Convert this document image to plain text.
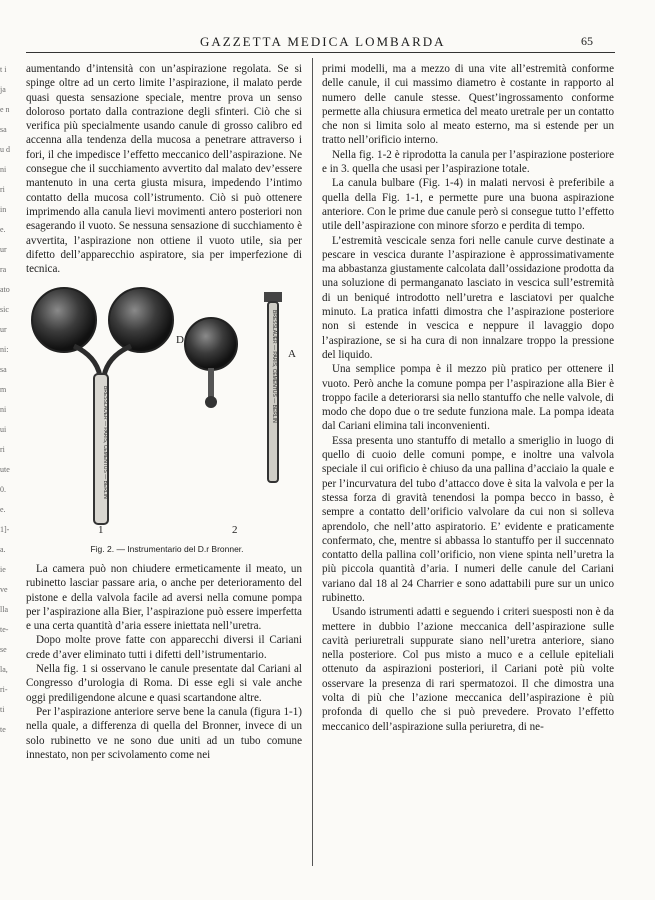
t i ja e n sa u d ni ri in e. ur ra ato sic ur ni: sa m ni ui ri ute 0. e. 1]- a. ie ve lla te- se la, ri- ti te
GAZZETTA MEDICA LOMBARDA	65

aumentando d’intensità con un’aspirazione regolata. Se si spinge oltre ad un certo limite l’aspirazione, il malato perde quasi questa sensazione speciale, mentre prova un senso doloroso portato dalla contrazione degli sfinteri. Ciò che si verifica più specialmente usando canule di grosso calibro ed accenna alla tendenza della mucosa a penetrare attraverso i fori, il che impedisce l’effetto meccanico dell’aspirazione. Ne consegue che il succhiamento avvertito dal malato dev’essere mantenuto in una certa giusta misura, impedendo l’intimo contatto della mucosa coll’istrumento. Ciò si può ottenere imprimendo alla canula lievi movimenti antero posteriori non esagerando il vuoto. Se nessuna sensazione di succhiamento è avvertita, l’aspirazione non ottiene il vuoto utile, sia per difetto dell’apparecchio aspiratore, sia per imperfezione di tecnica.

BRESSLAUER — PARIS, CEMENTUS — BERLIN
BRESSLAUER — PARIS, CEMENTUS — BERLIN
D
A
1	2
Fig. 2. — Instrumentario del D.r Bronner.

La camera può non chiudere ermeticamente il meato, un rubinetto lasciar passare aria, o anche per deterioramento del pistone e della valvola facile ad aversi nella comune pompa per l’aspirazione alla Bier, l’aspirazione può essere imperfetta e una certa quantità d’aria essere iniettata nell’uretra.

Dopo molte prove fatte con apparecchi diversi il Cariani crede d’aver eliminato tutti i difetti dell’istrumentario.

Nella fig. 1 si osservano le canule presentate dal Cariani al Congresso d’urologia di Roma. Di esse egli si vale anche oggi prediligendone alcune e quasi scartandone altre.

Per l’aspirazione anteriore serve bene la canula (figura 1-1) nella quale, a differenza di quella del Bronner, invece di un solo rubinetto ve ne sono due uniti ad un tubo comune innestato, non per scivolamento come nei

primi modelli, ma a mezzo di una vite all’estremità conforme delle canule, il cui massimo diametro è costante in rapporto al numero delle canule stesse. Quest’ingrossamento conforme permette alla chiusura ermetica del meato uretrale per un contatto che non si limita solo al meato esterno, ma si estende per un tratto nell’orificio interno.

Nella fig. 1-2 è riprodotta la canula per l’aspirazione posteriore e in 3. quella che usasi per l’aspirazione totale.

La canula bulbare (Fig. 1-4) in malati nervosi è preferibile a quella della Fig. 1-1, e permette pure una buona aspirazione anteriore. Con le prime due canule però si consegue tutto l’effetto utile dell’aspirazione con minore sforzo e perdita di tempo.

L’estremità vescicale senza fori nelle canule curve destinate a pescare in vescica durante l’aspirazione è approssimativamente ma abbastanza giustamente calcolata dall’ossidazione prodotta da una soluzione di permanganato lasciato in vescica sull’estremità di un beniqué introdotto nell’uretra e lasciatovi per qualche minuto. La pratica infatti dimostra che l’aspirazione posteriore non si estende in vescica e neppure il lavaggio dopo l’aspirazione, se si ha cura di non innalzare troppo la pressione del liquido.

Una semplice pompa è il mezzo più pratico per ottenere il vuoto. Però anche la comune pompa per l’aspirazione alla Bier è troppo facile a deteriorarsi sia nello stantuffo che nelle valvole, di modo che dopo due o tre sedute funziona male. La pompa ideata dal Cariani elimina tali inconvenienti.

Essa presenta uno stantuffo di metallo a smeriglio in luogo di quello di cuoio delle comuni pompe, e inoltre una valvola speciale il cui orificio è chiuso da una pallina d’acciaio la quale e per l’incurvatura del tubo d’attacco dove è sita la valvola e per la stessa forza di gravità tenendosi la pompa becco in basso, è sempre a contatto dell’orificio valvolare da cui non si solleva aprendolo, che nell’atto aspiratorio. E’ evidente e praticamente confermato, che, mentre si abbassa lo stantuffo per il succennato contatto della pallina coll’orificio, non viene spinta nell’uretra la più piccola quantità d’aria. I numeri delle canule del Cariani variano dal 18 al 24 Charrier e sono adattabili pure sur un unico rubinetto.

Usando istrumenti adatti e seguendo i criteri suesposti non è da mettere in dubbio l’azione meccanica dell’aspirazione sulle cavità periuretrali suppurate siano nell’uretra anteriore, siano nella posteriore. Col pus misto a muco e a cellule epiteliali ottenuto da aspirazioni posteriori, il Cariani potè più volte osservare la presenza di rari spermatozoi. Il che dimostra una volta di più che l’azione meccanica dell’aspirazione è più profonda di quello che si può prevedere. Provato l’effetto meccanico dell’aspirazione sulla periuretra, di ne-
